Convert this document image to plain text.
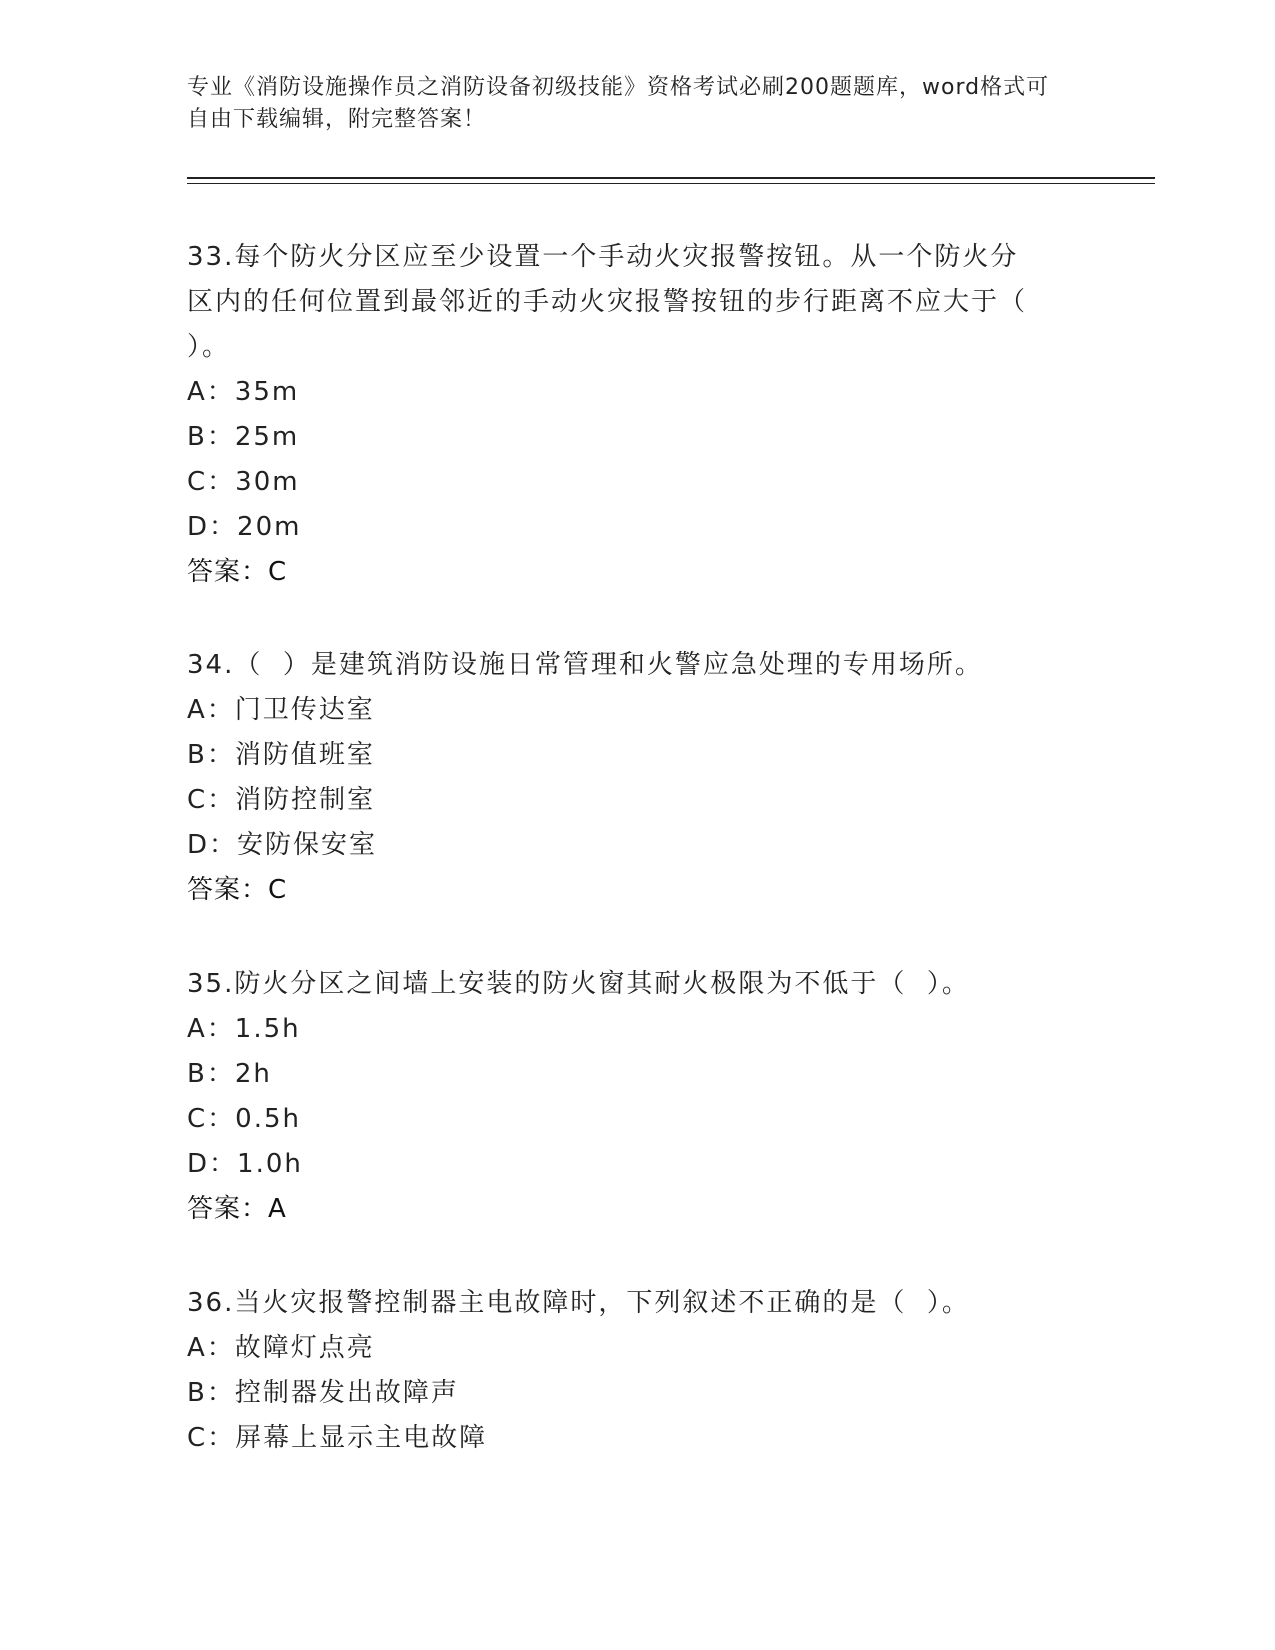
专业《消防设施操作员之消防设备初级技能》资格考试必刷200题题库，word格式可自由下载编辑，附完整答案！

33.每个防火分区应至少设置一个手动火灾报警按钮。从一个防火分区内的任何位置到最邻近的手动火灾报警按钮的步行距离不应大于（
）。

A：35m

B：25m

C：30m

D：20m

答案：C

34.（  ）是建筑消防设施日常管理和火警应急处理的专用场所。

A：门卫传达室

B：消防值班室

C：消防控制室

D：安防保安室

答案：C

35.防火分区之间墙上安装的防火窗其耐火极限为不低于（  ）。

A：1.5h

B：2h

C：0.5h

D：1.0h

答案：A

36.当火灾报警控制器主电故障时，下列叙述不正确的是（  ）。

A：故障灯点亮

B：控制器发出故障声

C：屏幕上显示主电故障
